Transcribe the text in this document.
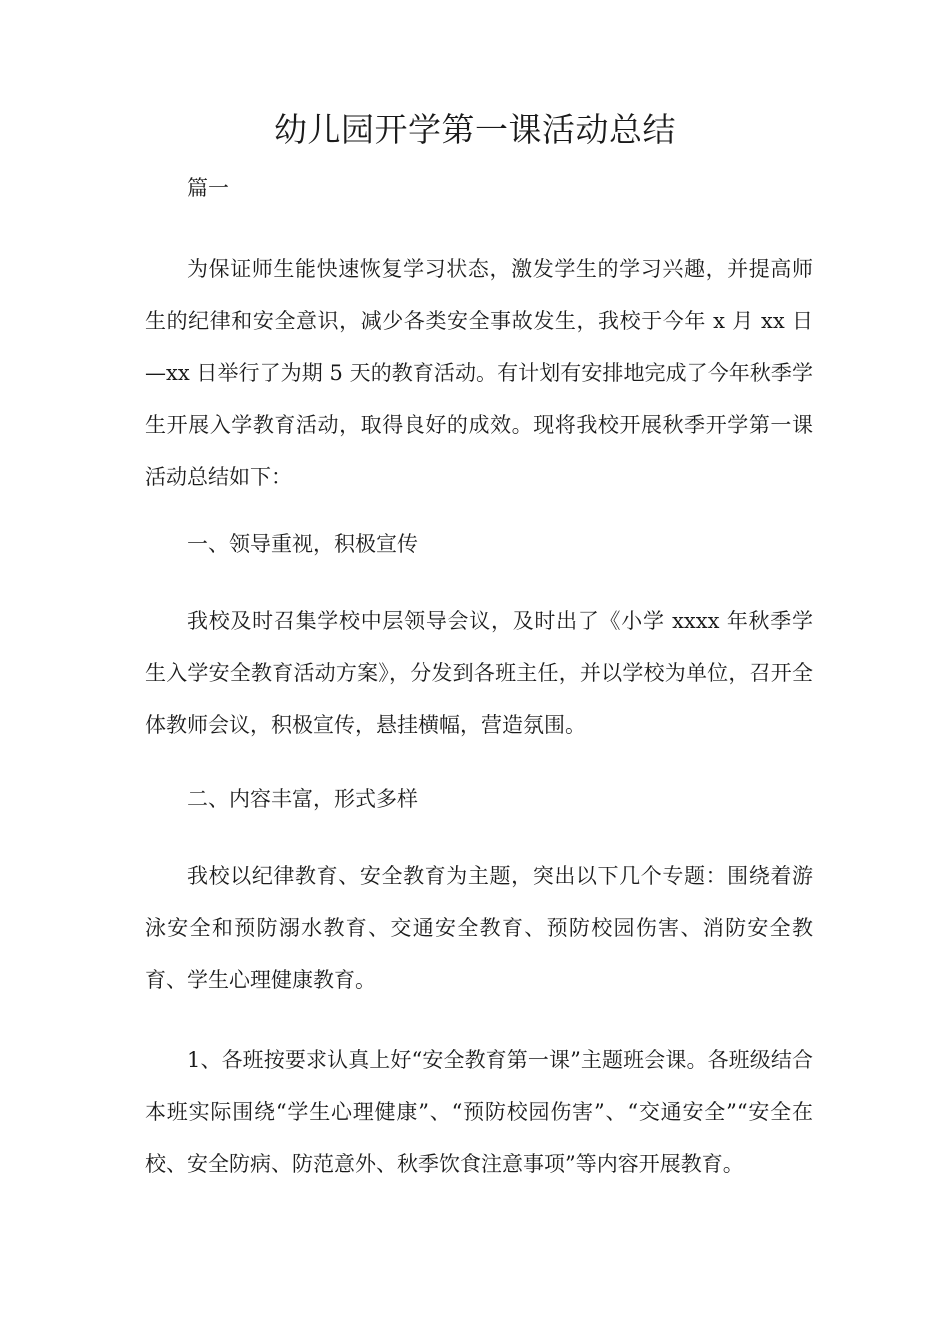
幼儿园开学第一课活动总结
篇一
为保证师生能快速恢复学习状态，激发学生的学习兴趣，并提高师生的纪律和安全意识，减少各类安全事故发生，我校于今年 x 月 xx 日—xx 日举行了为期 5 天的教育活动。有计划有安排地完成了今年秋季学生开展入学教育活动，取得良好的成效。现将我校开展秋季开学第一课活动总结如下：
一、领导重视，积极宣传
我校及时召集学校中层领导会议，及时出了《小学 xxxx 年秋季学生入学安全教育活动方案》，分发到各班主任，并以学校为单位，召开全体教师会议，积极宣传，悬挂横幅，营造氛围。
二、内容丰富，形式多样
我校以纪律教育、安全教育为主题，突出以下几个专题：围绕着游泳安全和预防溺水教育、交通安全教育、预防校园伤害、消防安全教育、学生心理健康教育。
1、各班按要求认真上好“安全教育第一课”主题班会课。各班级结合本班实际围绕“学生心理健康”、“预防校园伤害”、“交通安全”“安全在校、安全防病、防范意外、秋季饮食注意事项”等内容开展教育。
